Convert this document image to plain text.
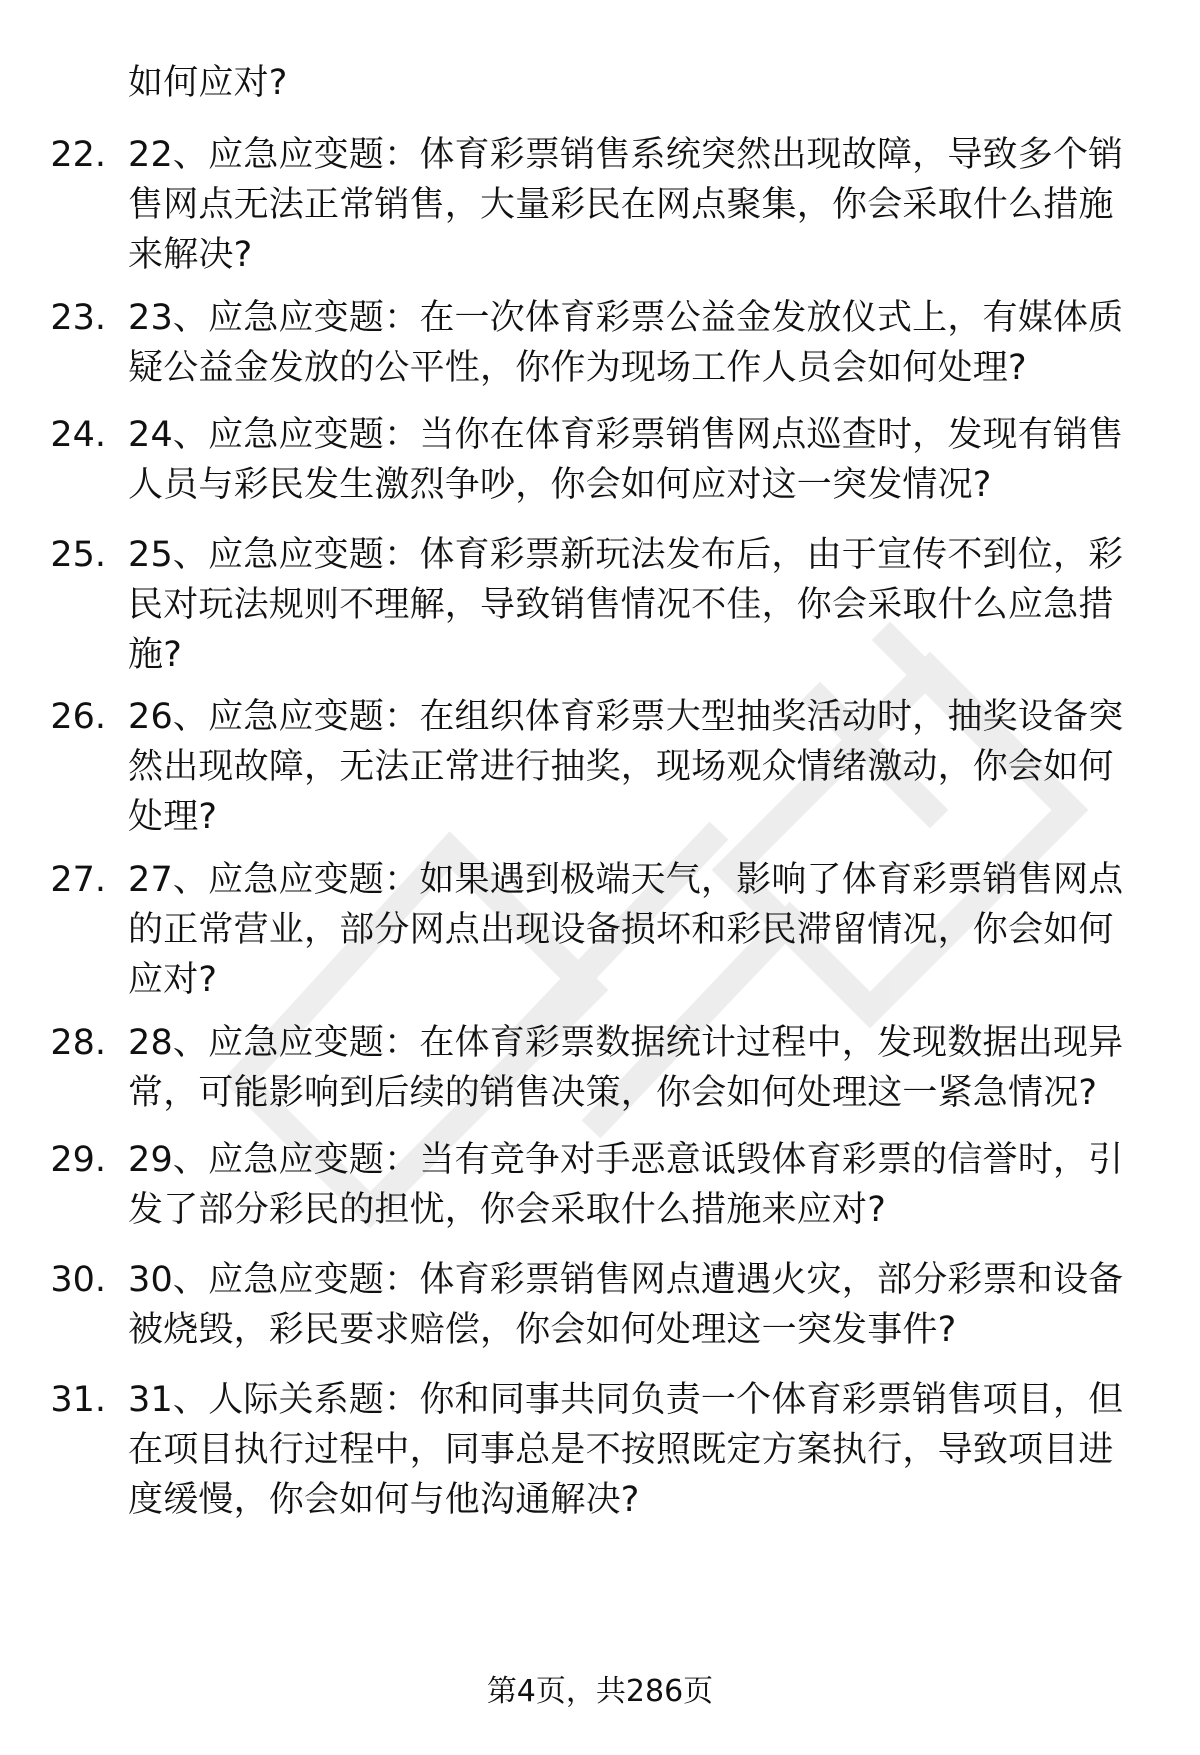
如何应对?
22. 22、应急应变题：体育彩票销售系统突然出现故障，导致多个销售网点无法正常销售，大量彩民在网点聚集，你会采取什么措施来解决?
23. 23、应急应变题：在一次体育彩票公益金发放仪式上，有媒体质疑公益金发放的公平性，你作为现场工作人员会如何处理?
24. 24、应急应变题：当你在体育彩票销售网点巡查时，发现有销售人员与彩民发生激烈争吵，你会如何应对这一突发情况?
25. 25、应急应变题：体育彩票新玩法发布后，由于宣传不到位，彩民对玩法规则不理解，导致销售情况不佳，你会采取什么应急措施?
26. 26、应急应变题：在组织体育彩票大型抽奖活动时，抽奖设备突然出现故障，无法正常进行抽奖，现场观众情绪激动，你会如何处理?
27. 27、应急应变题：如果遇到极端天气，影响了体育彩票销售网点的正常营业，部分网点出现设备损坏和彩民滞留情况，你会如何应对?
28. 28、应急应变题：在体育彩票数据统计过程中，发现数据出现异常，可能影响到后续的销售决策，你会如何处理这一紧急情况?
29. 29、应急应变题：当有竞争对手恶意诋毁体育彩票的信誉时，引发了部分彩民的担忧，你会采取什么措施来应对?
30. 30、应急应变题：体育彩票销售网点遭遇火灾，部分彩票和设备被烧毁，彩民要求赔偿，你会如何处理这一突发事件?
31. 31、人际关系题：你和同事共同负责一个体育彩票销售项目，但在项目执行过程中，同事总是不按照既定方案执行，导致项目进度缓慢，你会如何与他沟通解决?
第4页，共286页
